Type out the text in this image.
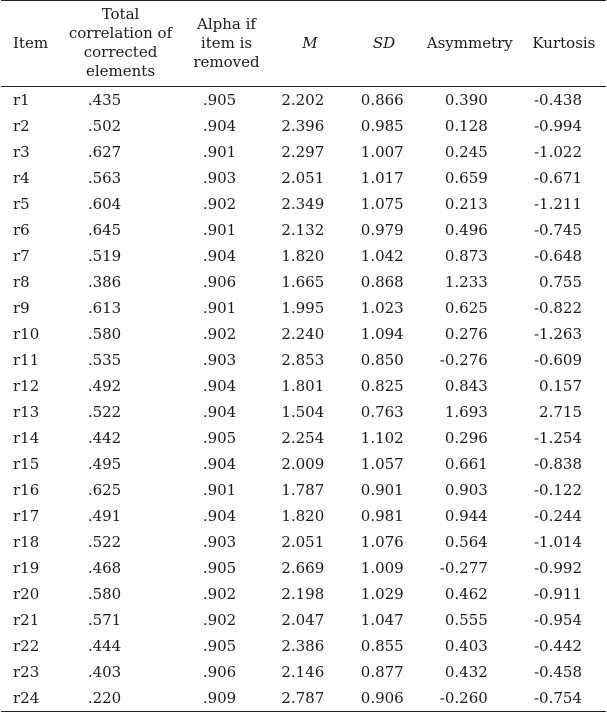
Item	Total correlation of corrected elements	Alpha if item is removed	M	SD	Asymmetry	Kurtosis
r1	.435	.905	2.202	0.866	0.390	-0.438
r2	.502	.904	2.396	0.985	0.128	-0.994
r3	.627	.901	2.297	1.007	0.245	-1.022
r4	.563	.903	2.051	1.017	0.659	-0.671
r5	.604	.902	2.349	1.075	0.213	-1.211
r6	.645	.901	2.132	0.979	0.496	-0.745
r7	.519	.904	1.820	1.042	0.873	-0.648
r8	.386	.906	1.665	0.868	1.233	0.755
r9	.613	.901	1.995	1.023	0.625	-0.822
r10	.580	.902	2.240	1.094	0.276	-1.263
r11	.535	.903	2.853	0.850	-0.276	-0.609
r12	.492	.904	1.801	0.825	0.843	0.157
r13	.522	.904	1.504	0.763	1.693	2.715
r14	.442	.905	2.254	1.102	0.296	-1.254
r15	.495	.904	2.009	1.057	0.661	-0.838
r16	.625	.901	1.787	0.901	0.903	-0.122
r17	.491	.904	1.820	0.981	0.944	-0.244
r18	.522	.903	2.051	1.076	0.564	-1.014
r19	.468	.905	2.669	1.009	-0.277	-0.992
r20	.580	.902	2.198	1.029	0.462	-0.911
r21	.571	.902	2.047	1.047	0.555	-0.954
r22	.444	.905	2.386	0.855	0.403	-0.442
r23	.403	.906	2.146	0.877	0.432	-0.458
r24	.220	.909	2.787	0.906	-0.260	-0.754
